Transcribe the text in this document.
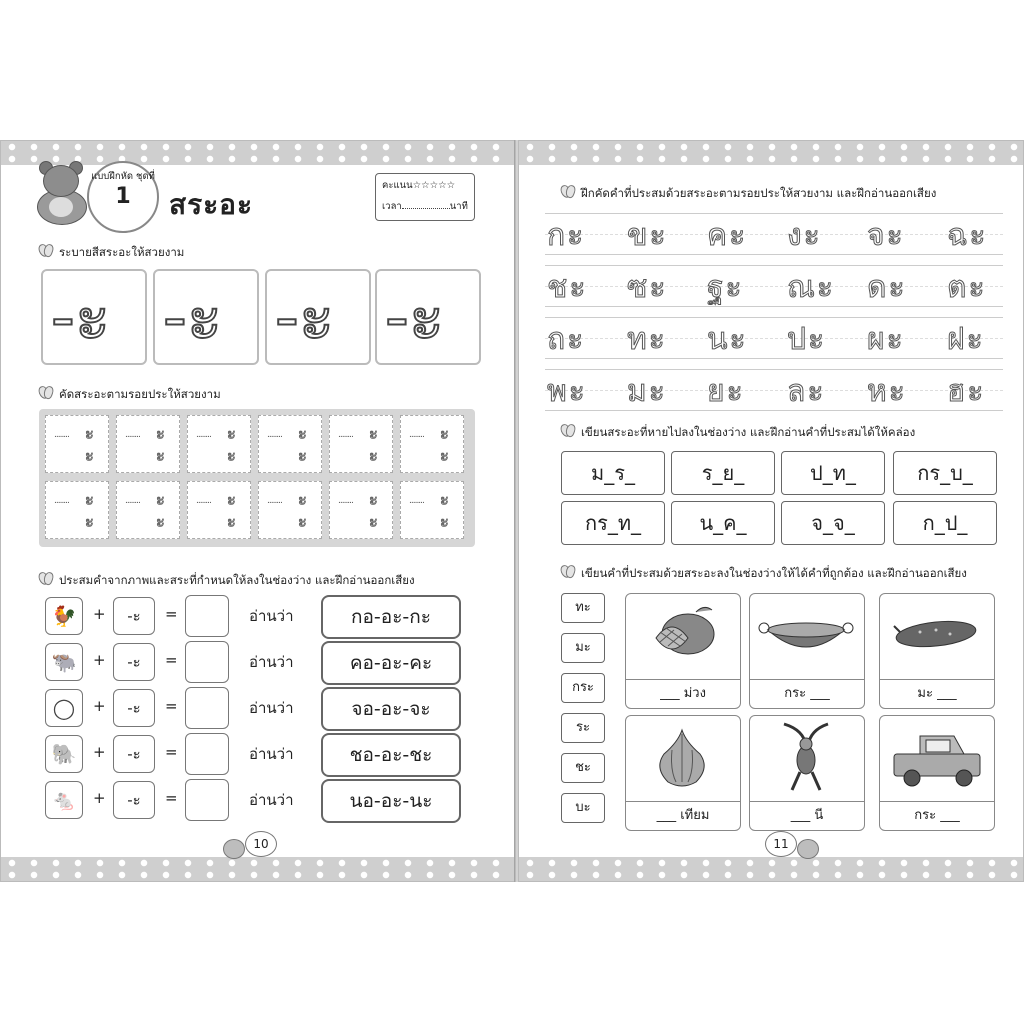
แบบฝึกหัด ชุดที่
1	สระอะ
คะแนน☆☆☆☆☆
เวลา	นาที
ระบายสีสระอะให้สวยงาม
-ะ -ะ -ะ -ะ
คัดสระอะตามรอยประให้สวยงาม
........ ะ
ะ
........ ะ
ะ
........ ะ
ะ
........ ะ
ะ
........ ะ
ะ
........ ะ
ะ
........ ะ
ะ
........ ะ
ะ
........ ะ
ะ
........ ะ
ะ
........ ะ
ะ
........ ะ
ะ
ประสมคำจากภาพและสระที่กำหนดให้ลงในช่องว่าง และฝึกอ่านออกเสียง
🐓	+	-ะ	=	อ่านว่า	กอ-อะ-กะ
🐃	+	-ะ	=	อ่านว่า	คอ-อะ-คะ
◯	+	-ะ	=	อ่านว่า	จอ-อะ-จะ
🐘	+	-ะ	=	อ่านว่า	ชอ-อะ-ชะ
🐁	+	-ะ	=	อ่านว่า	นอ-อะ-นะ
10
ฝึกคัดคำที่ประสมด้วยสระอะตามรอยประให้สวยงาม และฝึกอ่านออกเสียง
กะ ขะ คะ งะ จะ ฉะ
ชะ ซะ ฐะ ณะ ดะ ตะ
ถะ ทะ นะ ปะ ผะ ฝะ
พะ มะ ยะ ละ หะ ฮะ
เขียนสระอะที่หายไปลงในช่องว่าง และฝึกอ่านคำที่ประสมได้ให้คล่อง
ม_ร_	ร_ย_	ป_ท_	กร_บ_
กร_ท_	น_ค_	จ_จ_	ก_ป_
เขียนคำที่ประสมด้วยสระอะลงในช่องว่างให้ได้คำที่ถูกต้อง และฝึกอ่านออกเสียง
ทะ
มะ
กระ
ระ
ชะ
บะ
___ ม่วง	กระ ___	มะ ___
___ เทียม	___ นี	กระ ___
11
